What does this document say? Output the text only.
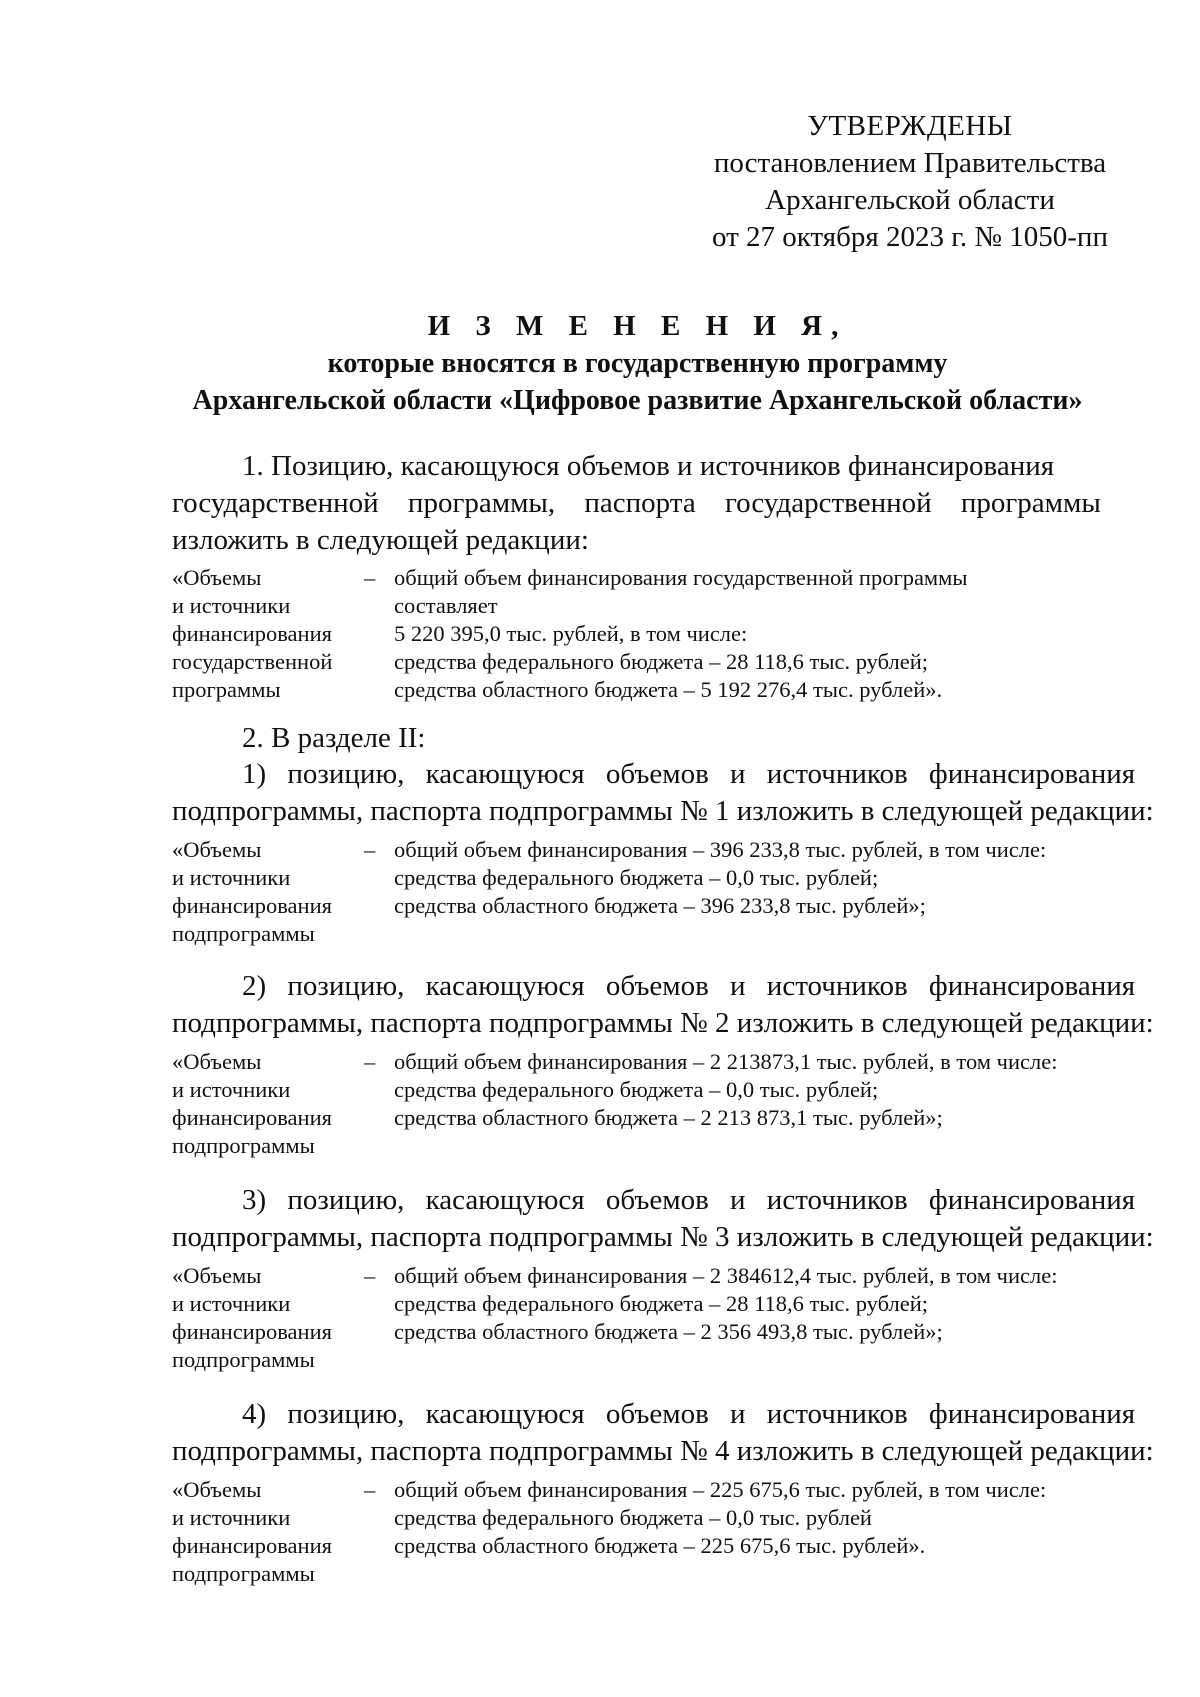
УТВЕРЖДЕНЫ
постановлением Правительства
Архангельской области
от 27 октября 2023 г. № 1050-пп
И З М Е Н Е Н И Я,
которые вносятся в государственную программу
Архангельской области «Цифровое развитие Архангельской области»
1. Позицию, касающуюся объемов и источников финансирования
государственной программы, паспорта государственной программы
изложить в следующей редакции:
«Объемы
и источники
финансирования
государственной
программы
– общий объем финансирования государственной программы
составляет
5 220 395,0 тыс. рублей, в том числе:
средства федерального бюджета – 28 118,6 тыс. рублей;
средства областного бюджета – 5 192 276,4 тыс. рублей».
2. В разделе II:
1) позицию, касающуюся объемов и источников финансирования
подпрограммы, паспорта подпрограммы № 1 изложить в следующей редакции:
«Объемы
и источники
финансирования
подпрограммы
– общий объем финансирования – 396 233,8 тыс. рублей, в том числе:
средства федерального бюджета – 0,0 тыс. рублей;
средства областного бюджета – 396 233,8 тыс. рублей»;
2) позицию, касающуюся объемов и источников финансирования
подпрограммы, паспорта подпрограммы № 2 изложить в следующей редакции:
«Объемы
и источники
финансирования
подпрограммы
– общий объем финансирования – 2 213873,1 тыс. рублей, в том числе:
средства федерального бюджета – 0,0 тыс. рублей;
средства областного бюджета – 2 213 873,1 тыс. рублей»;
3) позицию, касающуюся объемов и источников финансирования
подпрограммы, паспорта подпрограммы № 3 изложить в следующей редакции:
«Объемы
и источники
финансирования
подпрограммы
– общий объем финансирования – 2 384612,4 тыс. рублей, в том числе:
средства федерального бюджета – 28 118,6 тыс. рублей;
средства областного бюджета – 2 356 493,8 тыс. рублей»;
4) позицию, касающуюся объемов и источников финансирования
подпрограммы, паспорта подпрограммы № 4 изложить в следующей редакции:
«Объемы
и источники
финансирования
подпрограммы
– общий объем финансирования – 225 675,6 тыс. рублей, в том числе:
средства федерального бюджета – 0,0 тыс. рублей
средства областного бюджета – 225 675,6 тыс. рублей».
